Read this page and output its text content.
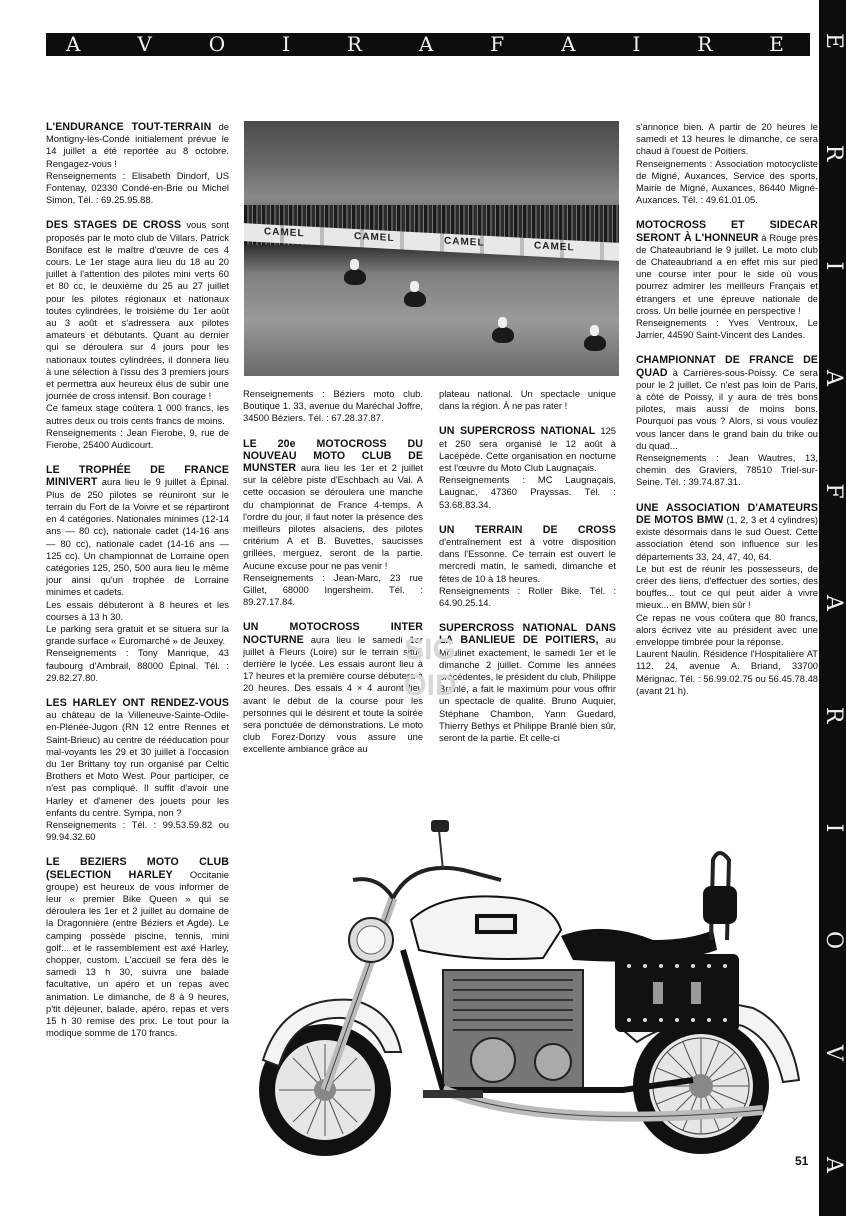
A	V	O	I	R	A	F	A	I	R	E E
R
I
A
F
A
R
I
O
V
A

L'ENDURANCE TOUT-TERRAIN de Montigny-lès-Condé initialement prévue le 14 juillet a été reportée au 8 octobre. Rengagez-vous !

Renseignements : Elisabeth Dindorf, US Fontenay, 02330 Condé-en-Brie ou Michel Simon, Tél. : 69.25.95.88.

DES STAGES DE CROSS vous sont proposés par le moto club de Villars. Patrick Boniface est le maître d'œuvre de ces 4 cours. Le 1er stage aura lieu du 18 au 20 juillet à l'attention des pilotes mini verts 60 et 80 cc, le deuxième du 25 au 27 juillet pour les pilotes régionaux et nationaux toutes cylindrées, le troisième du 1er août au 3 août et s'adressera aux pilotes amateurs et débutants. Quant au dernier qui se déroulera sur 4 jours pour les nationaux toutes cylindrées, il donnera lieu à une sélection à l'issu des 3 premiers jours et permettra aux heureux élus de subir une journée de cross intensif. Bon courage !

Ce fameux stage coûtera 1 000 francs, les autres deux ou trois cents francs de moins.

Renseignements : Jean Fierobe, 9, rue de Fierobe, 25400 Audicourt.

LE TROPHÉE DE FRANCE MINIVERT aura lieu le 9 juillet à Épinal. Plus de 250 pilotes se réuniront sur le terrain du Fort de la Voivre et se répartiront en 4 catégories. Nationales minimes (12-14 ans — 80 cc), nationale cadet (14-16 ans — 80 cc), nationale cadet (14-16 ans — 125 cc). Un championnat de Lorraine open catégories 125, 250, 500 aura lieu le même jour ainsi qu'un trophée de Lorraine minimes et cadets.

Les essais débuteront à 8 heures et les courses à 13 h 30.

Le parking sera gratuit et se situera sur la grande surface « Euromarché » de Jeuxey.

Renseignements : Tony Manrique, 43 faubourg d'Ambrail, 88000 Épinal. Tél. : 29.82.27.80.

LES HARLEY ONT RENDEZ-VOUS au château de la Villeneuve-Sainte-Odile-en-Plénée-Jugon (RN 12 entre Rennes et Saint-Brieuc) au centre de rééducation pour mal-voyants les 29 et 30 juillet à l'occasion du 1er Brittany toy run organisé par Celtic Brothers et Moto West. Pour participer, ce n'est pas compliqué. Il suffit d'avoir une Harley et d'amener des jouets pour les enfants du centre. Sympa, non ?

Renseignements : Tél. : 99.53.59.82 ou 99.94.32.60

LE BEZIERS MOTO CLUB (SELECTION HARLEY Occitanie groupe) est heureux de vous informer de leur « premier Bike Queen » qui se déroulera les 1er et 2 juillet au domaine de la Dragonnière (entre Béziers et Agde). Le camping possède piscine, tennis, mini golf... et le rassemblement est axé Harley, chopper, custom. L'accueil se fera dès le samedi 13 h 30, suivra une balade facultative, un apéro et un repas avec animation. Le dimanche, de 8 à 9 heures, p'tit déjeuner, balade, apéro, repas et vers 15 h 30 remise des prix. Le tout pour la modique somme de 170 francs.

CAMEL	CAMEL	CAMEL	CAMEL

Renseignements : Béziers moto club. Boutique 1. 33, avenue du Maréchal Joffre, 34500 Béziers. Tél. : 67.28.37.87.

LE 20e MOTOCROSS DU NOUVEAU MOTO CLUB DE MUNSTER aura lieu les 1er et 2 juillet sur la célèbre piste d'Eschbach au Val. A cette occasion se déroulera une manche du championnat de France 4-temps. A l'ordre du jour, il faut noter la présence des meilleurs pilotes alsaciens, des pilotes critérium A et B. Buvettes, saucisses grillées, merguez, seront de la partie. Aucune excuse pour ne pas venir !

Renseignements : Jean-Marc, 23 rue Gillet, 68000 Ingersheim. Tél. : 89.27.17.84.

UN MOTOCROSS INTER NOCTURNE aura lieu le samedi 1er juillet à Fleurs (Loire) sur le terrain situé derrière le lycée. Les essais auront lieu à 17 heures et la première course débutera à 20 heures. Des essais 4 × 4 auront lieu avant le début de la course pour les personnes qui le désirent et toute la soirée sera ponctuée de démonstrations. Le moto club Forez-Donzy vous assure une excellente ambiance grâce au

plateau national. Un spectacle unique dans la région. À ne pas rater !

UN SUPERCROSS NATIONAL 125 et 250 sera organisé le 12 août à Lacépède. Cette organisation en nocturne est l'œuvre du Moto Club Laugnaçais.

Renseignements : MC Laugnaçais, Laugnac, 47360 Prayssas. Tél. : 53.68.83.34.

UN TERRAIN DE CROSS d'entraînement est à votre disposition dans l'Essonne. Ce terrain est ouvert le mercredi matin, le samedi, dimanche et fêtes de 10 à 18 heures.

Renseignements : Roller Bike. Tél. : 64.90.25.14.

SUPERCROSS NATIONAL DANS LA BANLIEUE DE POITIERS, au Moulinet exactement, le samedi 1er et le dimanche 2 juillet. Comme les années précédentes, le président du club, Philippe Branlé, a fait le maximum pour vous offrir un spectacle de qualité. Bruno Auquier, Stéphane Chambon, Yann Guedard, Thierry Bethys et Philippe Branlé bien sûr, seront de la partie. Et celle-ci

s'annonce bien. A partir de 20 heures le samedi et 13 heures le dimanche, ce sera chaud à l'ouest de Poitiers.

Renseignements : Association motocycliste de Migné, Auxances, Service des sports, Mairie de Migné, Auxances, 86440 Migné-Auxances. Tél. : 49.61.01.05.

MOTOCROSS ET SIDECAR SERONT À L'HONNEUR à Rouge près de Chateaubriand le 9 juillet. Le moto club de Chateaubriand a en effet mis sur pied une course inter pour le side où vous pourrez admirer les meilleurs Français et étrangers et une épreuve nationale de cross. Un belle journée en perspective !

Renseignements : Yves Ventroux, Le Jarrier, 44590 Saint-Vincent des Landes.

CHAMPIONNAT DE FRANCE DE QUAD à Carrières-sous-Poissy. Ce sera pour le 2 juillet. Ce n'est pas loin de Paris, à côté de Poissy, il y aura de très bons pilotes, mais aussi de moins bons. Pourquoi pas vous ? Alors, si vous voulez vous lancer dans le grand bain du trike ou du quad...

Renseignements : Jean Wautres, 13, chemin des Graviers, 78510 Triel-sur-Seine. Tél. : 39.74.87.31.

UNE ASSOCIATION D'AMATEURS DE MOTOS BMW (1, 2, 3 et 4 cylindres) existe désormais dans le sud Ouest. Cette association étend son influence sur les départements 33, 24, 47, 40, 64.

Le but est de réunir les possesseurs, de créer des liens, d'effectuer des sorties, des bouffes... tout ce qui peut aider à vivre mieux... en BMW, bien sûr !

Ce repas ne vous coûtera que 80 francs, alors écrivez vite au président avec une enveloppe timbrée pour la réponse.

Laurent Naulin. Résidence l'Hospitalière AT 112. 24, avenue A. Briand, 33700 Mérignac. Tél. : 56.99.02.75 ou 56.45.78.48 (avant 21 h).

SIG
OID
51
